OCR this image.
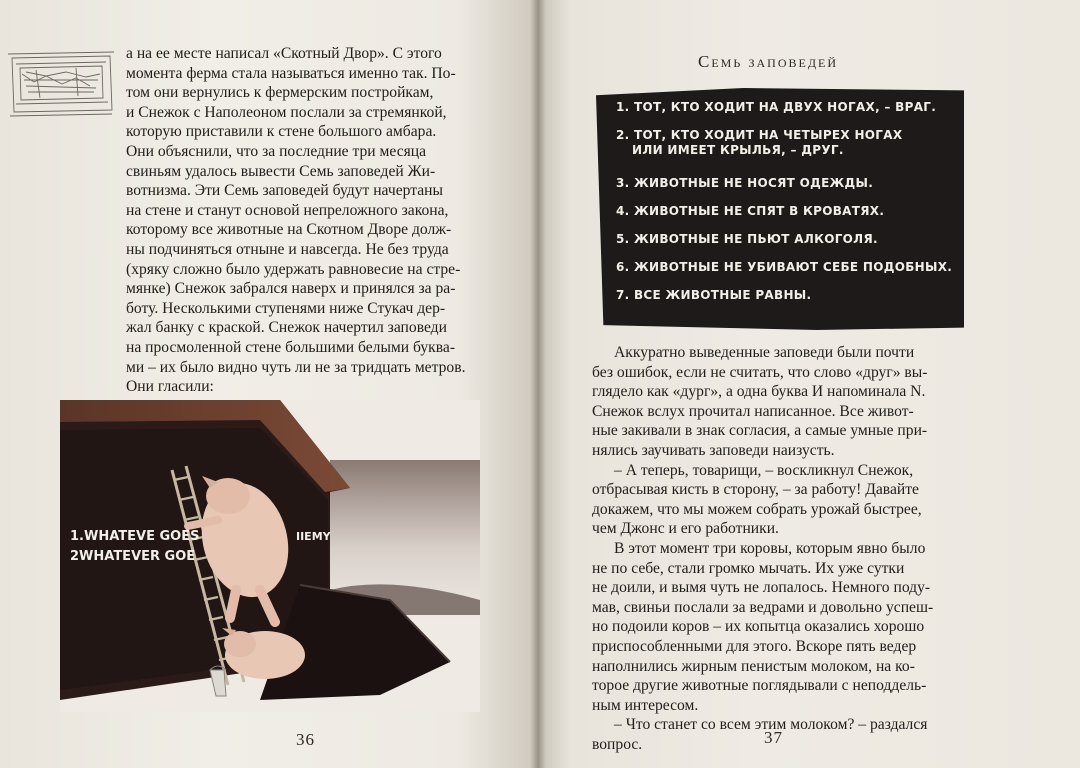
а на ее месте написал «Скотный Двор». С этого
момента ферма стала называться именно так. По-
том они вернулись к фермерским постройкам,
и Снежок с Наполеоном послали за стремянкой,
которую приставили к стене большого амбара.
Они объяснили, что за последние три месяца
свиньям удалось вывести Семь заповедей Жи-
вотнизма. Эти Семь заповедей будут начертаны
на стене и станут основой непреложного закона,
которому все животные на Скотном Дворе долж-
ны подчиняться отныне и навсегда. Не без труда
(хряку сложно было удержать равновесие на стре-
мянке) Снежок забрался наверх и принялся за ра-
боту. Несколькими ступенями ниже Стукач дер-
жал банку с краской. Снежок начертил заповеди
на просмоленной стене большими белыми буква-
ми – их было видно чуть ли не за тридцать метров.
Они гласили:

1.WHATEVE GOES
2WHATEVER GOE
IIEMY
36
Семь заповедей
1. ТОТ, КТО ХОДИТ НА ДВУХ НОГАХ, – ВРАГ.
2. ТОТ, КТО ХОДИТ НА ЧЕТЫРЕХ НОГАХ
ИЛИ ИМЕЕТ КРЫЛЬЯ, – ДРУГ.
3. ЖИВОТНЫЕ НЕ НОСЯТ ОДЕЖДЫ.
4. ЖИВОТНЫЕ НЕ СПЯТ В КРОВАТЯХ.
5. ЖИВОТНЫЕ НЕ ПЬЮТ АЛКОГОЛЯ.
6. ЖИВОТНЫЕ НЕ УБИВАЮТ СЕБЕ ПОДОБНЫХ.
7. ВСЕ ЖИВОТНЫЕ РАВНЫ.

Аккуратно выведенные заповеди были почти
без ошибок, если не считать, что слово «друг» вы-
глядело как «дург», а одна буква И напоминала N.
Снежок вслух прочитал написанное. Все живот-
ные закивали в знак согласия, а самые умные при-
нялись заучивать заповеди наизусть.

– А теперь, товарищи, – воскликнул Снежок,
отбрасывая кисть в сторону, – за работу! Давайте
докажем, что мы можем собрать урожай быстрее,
чем Джонс и его работники.

В этот момент три коровы, которым явно было
не по себе, стали громко мычать. Их уже сутки
не доили, и вымя чуть не лопалось. Немного поду-
мав, свиньи послали за ведрами и довольно успеш-
но подоили коров – их копытца оказались хорошо
приспособленными для этого. Вскоре пять ведер
наполнились жирным пенистым молоком, на ко-
торое другие животные поглядывали с неподдель-
ным интересом.

– Что станет со всем этим молоком? – раздался
вопрос.	37
